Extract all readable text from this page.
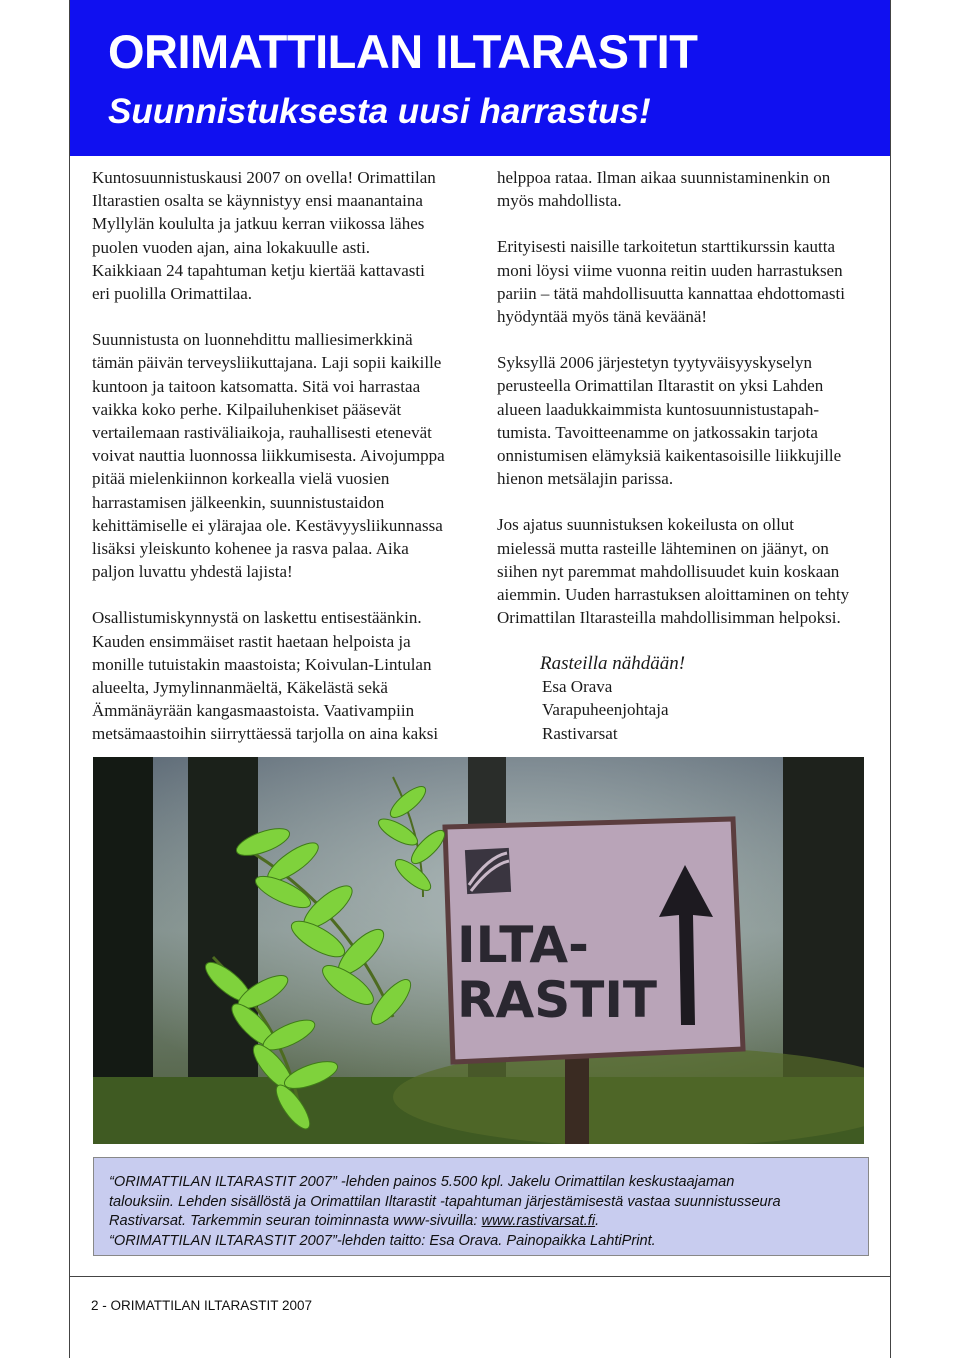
ORIMATTILAN ILTARASTIT
Suunnistuksesta uusi harrastus!

Kuntosuunnistuskausi 2007 on ovella! Orimattilan
Iltarastien osalta se käynnistyy ensi maanantaina
Myllylän koululta ja jatkuu kerran viikossa lähes
puolen vuoden ajan, aina lokakuulle asti.
Kaikkiaan 24 tapahtuman ketju kiertää kattavasti
eri puolilla Orimattilaa.

Suunnistusta on luonnehdittu malliesimerkkinä
tämän päivän terveysliikuttajana. Laji sopii kaikille
kuntoon ja taitoon katsomatta. Sitä voi harrastaa
vaikka koko perhe. Kilpailuhenkiset pääsevät
vertailemaan rastiväliaikoja, rauhallisesti etenevät
voivat nauttia luonnossa liikkumisesta. Aivojumppa
pitää mielenkiinnon korkealla vielä vuosien
harrastamisen jälkeenkin, suunnistustaidon
kehittämiselle ei ylärajaa ole. Kestävyysliikunnassa
lisäksi yleiskunto kohenee ja rasva palaa. Aika
paljon luvattu yhdestä lajista!

Osallistumiskynnystä on laskettu entisestäänkin.
Kauden ensimmäiset rastit haetaan helpoista ja
monille tutuistakin maastoista; Koivulan-Lintulan
alueelta, Jymylinnanmäeltä, Käkelästä sekä
Ämmänäyrään kangasmaastoista. Vaativampiin
metsämaastoihin siirryttäessä tarjolla on aina kaksi

helppoa rataa. Ilman aikaa suunnistaminenkin on
myös mahdollista.

Erityisesti naisille tarkoitetun starttikurssin kautta
moni löysi viime vuonna reitin uuden harrastuksen
pariin – tätä mahdollisuutta kannattaa ehdottomasti
hyödyntää myös tänä keväänä!

Syksyllä 2006 järjestetyn tyytyväisyyskyselyn
perusteella Orimattilan Iltarastit on yksi Lahden
alueen laadukkaimmista kuntosuunnistustapah-
tumista. Tavoitteenamme on jatkossakin tarjota
onnistumisen elämyksiä kaikentasoisille liikkujille
hienon metsälajin parissa.

Jos ajatus suunnistuksen kokeilusta on ollut
mielessä mutta rasteille lähteminen on jäänyt, on
siihen nyt paremmat mahdollisuudet kuin koskaan
aiemmin. Uuden harrastuksen aloittaminen on tehty
Orimattilan Iltarasteilla mahdollisimman helpoksi.

Rasteilla nähdään!
Esa Orava
Varapuheenjohtaja
Rastivarsat
ILTA-
RASTIT
“ORIMATTILAN ILTARASTIT 2007” -lehden painos 5.500 kpl. Jakelu Orimattilan keskustaajaman
talouksiin. Lehden sisällöstä ja Orimattilan Iltarastit -tapahtuman järjestämisestä vastaa suunnistusseura
Rastivarsat. Tarkemmin seuran toiminnasta www-sivuilla: www.rastivarsat.fi.
“ORIMATTILAN ILTARASTIT 2007”-lehden taitto: Esa Orava. Painopaikka LahtiPrint.
2 - ORIMATTILAN ILTARASTIT 2007
